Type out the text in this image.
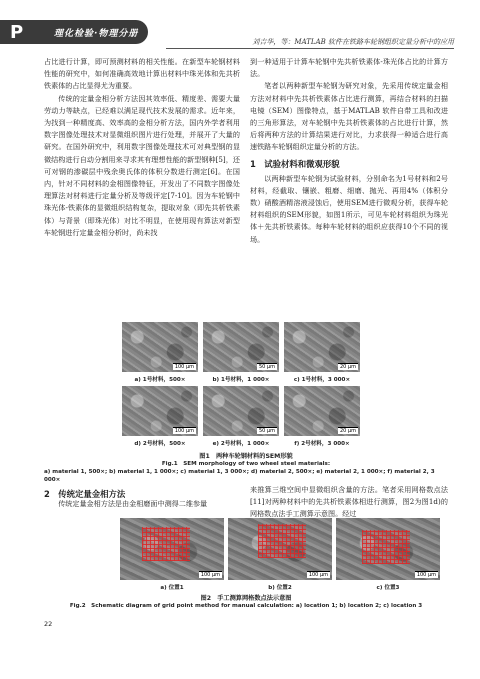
P	理化检验·物理分册
刘吉华，等：MATLAB 软件在铁路车轮钢组织定量分析中的应用

占比进行计算，即可预测材料的相关性能。在新型车轮钢材料性能的研究中，如何准确高效地计算出材料中珠光体和先共析铁素体的占比显得尤为重要。

传统的定量金相分析方法因其效率低、精度差、需要大量劳动力等缺点，已经难以满足现代技术发展的需求。近年来，为找到一种精度高、效率高的金相分析方法，国内外学者利用数字图像处理技术对显微组织图片进行处理，并展开了大量的研究。在国外研究中，利用数字图像处理技术可对典型钢的显微结构进行自动分割用来寻求其有理想性能的新型钢种[5]，还可对钢的渗碳层中残余奥氏体的体积分数进行测定[6]。在国内，针对不同材料的金相图像特征，开发出了不同数字图像处理算法对材料进行定量分析及等级评定[7-10]。因为车轮钢中珠光体-铁素体的显微组织结构复杂，提取对象（即先共析铁素体）与背景（即珠光体）对比不明显，在使用现有算法对新型车轮钢进行定量金相分析时，尚未找

到一种适用于计算车轮钢中先共析铁素体-珠光体占比的计算方法。

笔者以两种新型车轮钢为研究对象，先采用传统定量金相方法对材料中先共析铁素体占比进行测算，再结合材料的扫描电镜（SEM）图像特点，基于MATLAB 软件自带工具和改进的三角形算法，对车轮钢中先共析铁素体的占比进行计算，然后将两种方法的计算结果进行对比，力求获得一种适合进行高速铁路车轮钢组织定量分析的方法。

1　试验材料和微观形貌

以两种新型车轮钢为试验材料，分别命名为1号材料和2号材料，经截取、镶嵌、粗磨、细磨、抛光、再用4%（体积分数）硝酸酒精溶液浸蚀后，使用SEM进行微观分析，获得车轮材料组织的SEM形貌，如图1所示，可见车轮材料组织为珠光体＋先共析铁素体。每种车轮材料的组织应获得10个不同的视场。

100 μm	50 μm	20 μm
a) 1号材料，500×	b) 1号材料，1 000×	c) 1号材料，3 000×
100 μm	50 μm	20 μm
d) 2号材料，500×	e) 2号材料，1 000×	f) 2号材料，3 000×
图1　两种车轮钢材料的SEM形貌
Fig.1　SEM morphology of two wheel steel materials:
a) material 1, 500×; b) material 1, 1 000×; c) material 1, 3 000×; d) material 2, 500×; e) material 2, 1 000×; f) material 2, 3 000×
2　传统定量金相方法

传统定量金相方法是由金相磨面中测得二维参量

来推算三维空间中显微组织含量的方法。笔者采用网格数点法[11]对两种材料中的先共析铁素体相进行测算，图2为图1d)的网格数点法手工测算示意图。经过

100 μm	100 μm	100 μm
a) 位置1	b) 位置2	c) 位置3
图2　手工测算网格数点法示意图
Fig.2　Schematic diagram of grid point method for manual calculation: a) location 1; b) location 2; c) location 3
22
